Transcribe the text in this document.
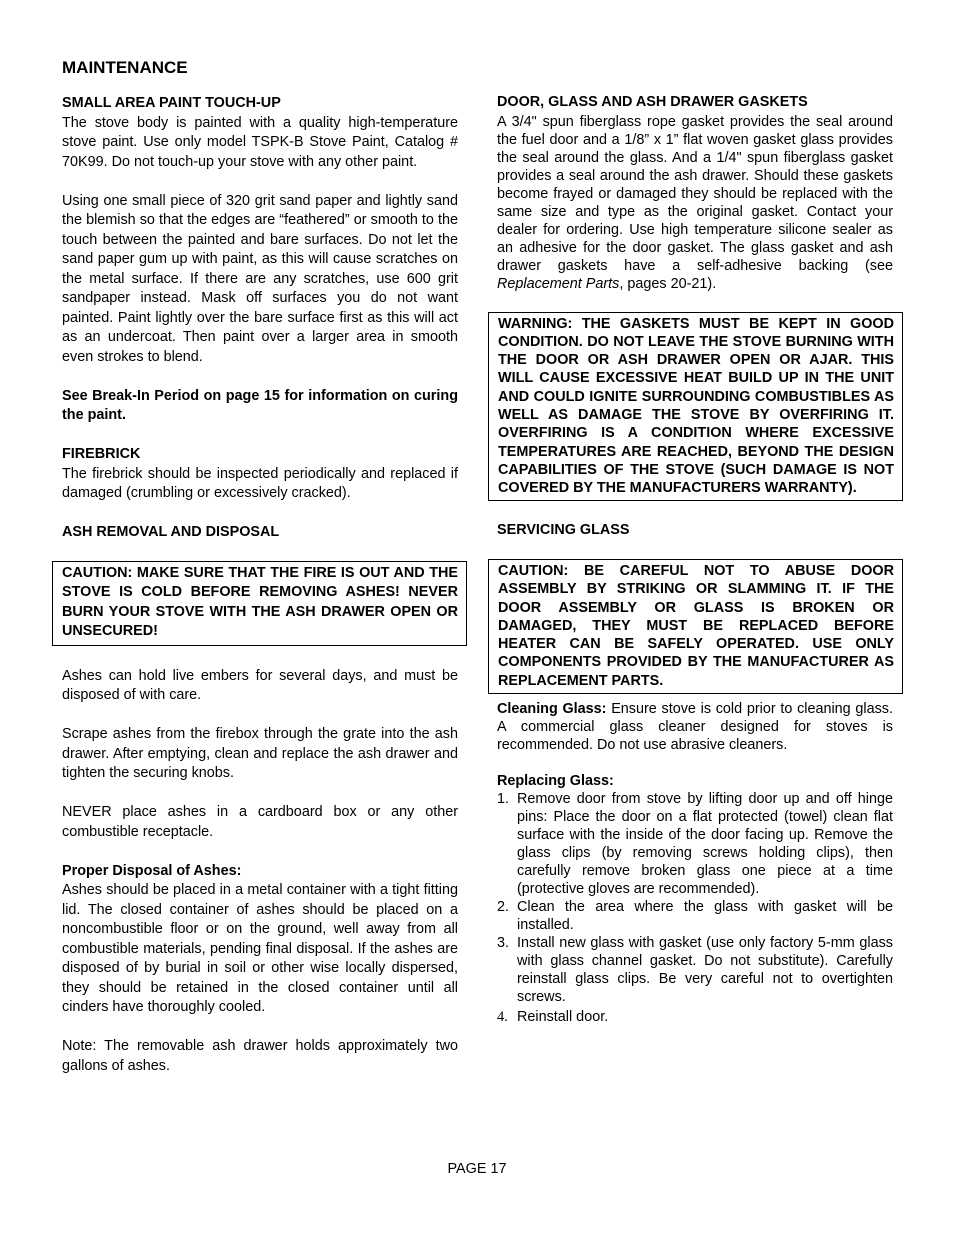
MAINTENANCE
SMALL AREA PAINT TOUCH-UP

The stove body is painted with a quality high-temperature stove paint. Use only model TSPK-B Stove Paint, Catalog # 70K99. Do not touch-up your stove with any other paint.

Using one small piece of 320 grit sand paper and lightly sand the blemish so that the edges are “feathered” or smooth to the touch between the painted and bare surfaces. Do not let the sand paper gum up with paint, as this will cause scratches on the metal surface. If there are any scratches, use 600 grit sandpaper instead. Mask off surfaces you do not want painted. Paint lightly over the bare surface first as this will act as an undercoat. Then paint over a larger area in smooth even strokes to blend.

See Break-In Period on page 15 for information on curing the paint.

FIREBRICK

The firebrick should be inspected periodically and replaced if damaged (crumbling or excessively cracked).

ASH REMOVAL AND DISPOSAL
CAUTION: MAKE SURE THAT THE FIRE IS OUT AND THE STOVE IS COLD BEFORE REMOVING ASHES! NEVER BURN YOUR STOVE WITH THE ASH DRAWER OPEN OR UNSECURED!

Ashes can hold live embers for several days, and must be disposed of with care.

Scrape ashes from the firebox through the grate into the ash drawer. After emptying, clean and replace the ash drawer and tighten the securing knobs.

NEVER place ashes in a cardboard box or any other combustible receptacle.

Proper Disposal of Ashes:

Ashes should be placed in a metal container with a tight fitting lid. The closed container of ashes should be placed on a noncombustible floor or on the ground, well away from all combustible materials, pending final disposal. If the ashes are disposed of by burial in soil or other wise locally dispersed, they should be retained in the closed container until all cinders have thoroughly cooled.

Note: The removable ash drawer holds approximately two gallons of ashes.

DOOR, GLASS AND ASH DRAWER GASKETS

A 3/4" spun fiberglass rope gasket provides the seal around the fuel door and a 1/8” x 1” flat woven gasket glass provides the seal around the glass. And a 1/4" spun fiberglass gasket provides a seal around the ash drawer. Should these gaskets become frayed or damaged they should be replaced with the same size and type as the original gasket. Contact your dealer for ordering. Use high temperature silicone sealer as an adhesive for the door gasket. The glass gasket and ash drawer gaskets have a self-adhesive backing (see Replacement Parts, pages 20-21).

WARNING: THE GASKETS MUST BE KEPT IN GOOD CONDITION. DO NOT LEAVE THE STOVE BURNING WITH THE DOOR OR ASH DRAWER OPEN OR AJAR. THIS WILL CAUSE EXCESSIVE HEAT BUILD UP IN THE UNIT AND COULD IGNITE SURROUNDING COMBUSTIBLES AS WELL AS DAMAGE THE STOVE BY OVERFIRING IT. OVERFIRING IS A CONDITION WHERE EXCESSIVE TEMPERATURES ARE REACHED, BEYOND THE DESIGN CAPABILITIES OF THE STOVE (SUCH DAMAGE IS NOT COVERED BY THE MANUFACTURERS WARRANTY).
SERVICING GLASS
CAUTION: BE CAREFUL NOT TO ABUSE DOOR ASSEMBLY BY STRIKING OR SLAMMING IT. IF THE DOOR ASSEMBLY OR GLASS IS BROKEN OR DAMAGED, THEY MUST BE REPLACED BEFORE HEATER CAN BE SAFELY OPERATED. USE ONLY COMPONENTS PROVIDED BY THE MANUFACTURER AS REPLACEMENT PARTS.

Cleaning Glass: Ensure stove is cold prior to cleaning glass. A commercial glass cleaner designed for stoves is recommended. Do not use abrasive cleaners.

Replacing Glass:
1. Remove door from stove by lifting door up and off hinge pins: Place the door on a flat protected (towel) clean flat surface with the inside of the door facing up. Remove the glass clips (by removing screws holding clips), then carefully remove broken glass one piece at a time (protective gloves are recommended).
2. Clean the area where the glass with gasket will be installed.
3. Install new glass with gasket (use only factory 5-mm glass with glass channel gasket. Do not substitute). Carefully reinstall glass clips. Be very careful not to overtighten screws.
4. Reinstall door.
PAGE 17
